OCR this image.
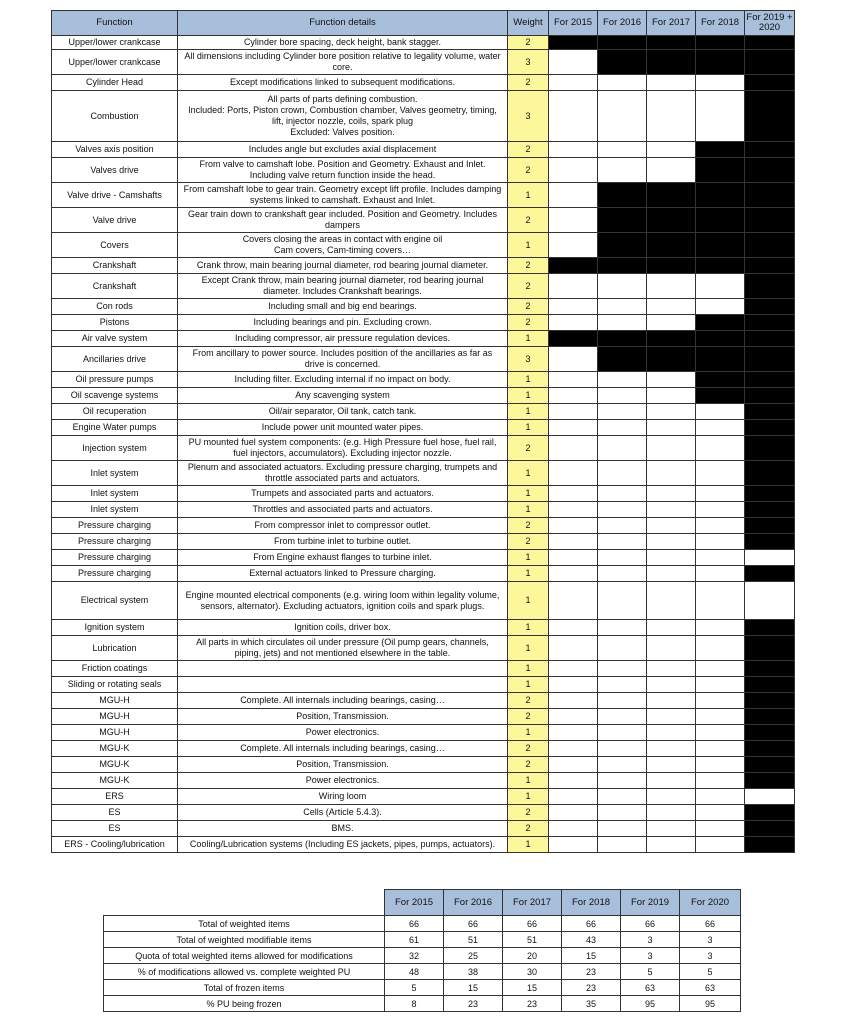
Function	Function details	Weight	For 2015	For 2016	For 2017	For 2018	For 2019 + 2020
Upper/lower crankcase	Cylinder bore spacing, deck height, bank stagger.	2					
Upper/lower crankcase	All dimensions including Cylinder bore position relative to legality volume, water core.	3					
Cylinder Head	Except modifications linked to subsequent modifications.	2					
Combustion	All parts of parts defining combustion.
Included: Ports, Piston crown, Combustion chamber, Valves geometry, timing, lift, injector nozzle, coils, spark plug
Excluded: Valves position.	3					
Valves axis position	Includes angle but excludes axial displacement	2					
Valves drive	From valve to camshaft lobe. Position and Geometry. Exhaust and Inlet. Including valve return function inside the head.	2					
Valve drive - Camshafts	From camshaft lobe to gear train. Geometry except lift profile. Includes damping systems linked to camshaft. Exhaust and Inlet.	1					
Valve drive	Gear train down to crankshaft gear included. Position and Geometry. Includes dampers	2					
Covers	Covers closing the areas in contact with engine oil
Cam covers, Cam-timing covers…	1					
Crankshaft	Crank throw, main bearing journal diameter, rod bearing journal diameter.	2					
Crankshaft	Except Crank throw, main bearing journal diameter, rod bearing journal diameter. Includes Crankshaft bearings.	2					
Con rods	Including small and big end bearings.	2					
Pistons	Including bearings and pin. Excluding crown.	2					
Air valve system	Including compressor, air pressure regulation devices.	1					
Ancillaries drive	From ancillary to power source. Includes position of the ancillaries as far as drive is concerned.	3					
Oil pressure pumps	Including filter. Excluding internal if no impact on body.	1					
Oil scavenge systems	Any scavenging system	1					
Oil recuperation	Oil/air separator, Oil tank, catch tank.	1					
Engine Water pumps	Include power unit mounted water pipes.	1					
Injection system	PU mounted fuel system components: (e.g. High Pressure fuel hose, fuel rail, fuel injectors, accumulators). Excluding injector nozzle.	2					
Inlet system	Plenum and associated actuators. Excluding pressure charging, trumpets and throttle associated parts and actuators.	1					
Inlet system	Trumpets and associated parts and actuators.	1					
Inlet system	Throttles and associated parts and actuators.	1					
Pressure charging	From compressor inlet to compressor outlet.	2					
Pressure charging	From turbine inlet to turbine outlet.	2					
Pressure charging	From Engine exhaust flanges to turbine inlet.	1					
Pressure charging	External actuators linked to Pressure charging.	1					
Electrical system	Engine mounted electrical components (e.g. wiring loom within legality volume, sensors, alternator). Excluding actuators, ignition coils and spark plugs.	1					
Ignition system	Ignition coils, driver box.	1					
Lubrication	All parts in which circulates oil under pressure (Oil pump gears, channels, piping, jets) and not mentioned elsewhere in the table.	1					
Friction coatings		1					
Sliding or rotating seals		1					
MGU-H	Complete. All internals including bearings, casing…	2					
MGU-H	Position, Transmission.	2					
MGU-H	Power electronics.	1					
MGU-K	Complete. All internals including bearings, casing…	2					
MGU-K	Position, Transmission.	2					
MGU-K	Power electronics.	1					
ERS	Wiring loom	1					
ES	Cells (Article 5.4.3).	2					
ES	BMS.	2					
ERS - Cooling/lubrication	Cooling/Lubrication systems (Including ES jackets, pipes, pumps, actuators).	1					
	For 2015	For 2016	For 2017	For 2018	For 2019	For 2020
Total of weighted items	66	66	66	66	66	66
Total of weighted modifiable items	61	51	51	43	3	3
Quota of total weighted items allowed for modifications	32	25	20	15	3	3
% of modifications allowed vs. complete weighted PU	48	38	30	23	5	5
Total of frozen items	5	15	15	23	63	63
% PU being frozen	8	23	23	35	95	95
